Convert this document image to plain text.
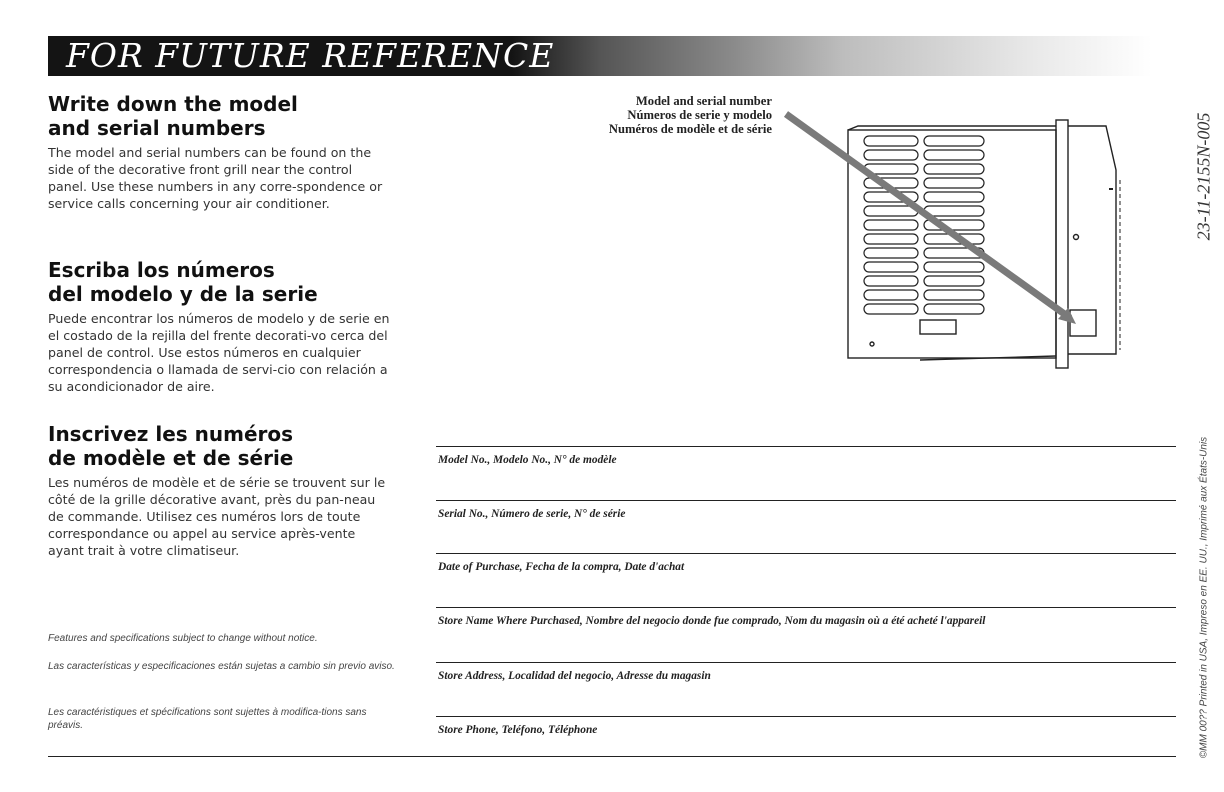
FOR FUTURE REFERENCE
Write down the model
and serial numbers

The model and serial numbers can be found on the side of the decorative front grill near the control panel. Use these numbers in any corre-spondence or service calls concerning your air conditioner.

Escriba los números
del modelo y de la serie

Puede encontrar los números de modelo y de serie en el costado de la rejilla del frente decorati-vo cerca del panel de control. Use estos números en cualquier correspondencia o llamada de servi-cio con relación a su acondicionador de aire.

Inscrivez les numéros
de modèle et de série

Les numéros de modèle et de série se trouvent sur le côté de la grille décorative avant, près du pan-neau de commande. Utilisez ces numéros lors de toute correspondance ou appel au service après-vente ayant trait à votre climatiseur.

Features and specifications subject to change without notice.
Las características y especificaciones están sujetas a cambio sin previo aviso.
Les caractéristiques et spécifications sont sujettes à modifica-tions sans préavis.
Model and serial number
Números de serie y modelo
Numéros de modèle et de série
Model No., Modelo No., N° de modèle
Serial No., Número de serie, N° de série
Date of Purchase, Fecha de la compra, Date d'achat
Store Name Where Purchased, Nombre del negocio donde fue comprado, Nom du magasin où a été acheté l'appareil
Store Address, Localidad del negocio, Adresse du magasin
Store Phone, Teléfono, Téléphone
23-11-2155N-005
©MM 00?? Printed in USA, Impreso en EE. UU., Imprimé aux États-Unis
